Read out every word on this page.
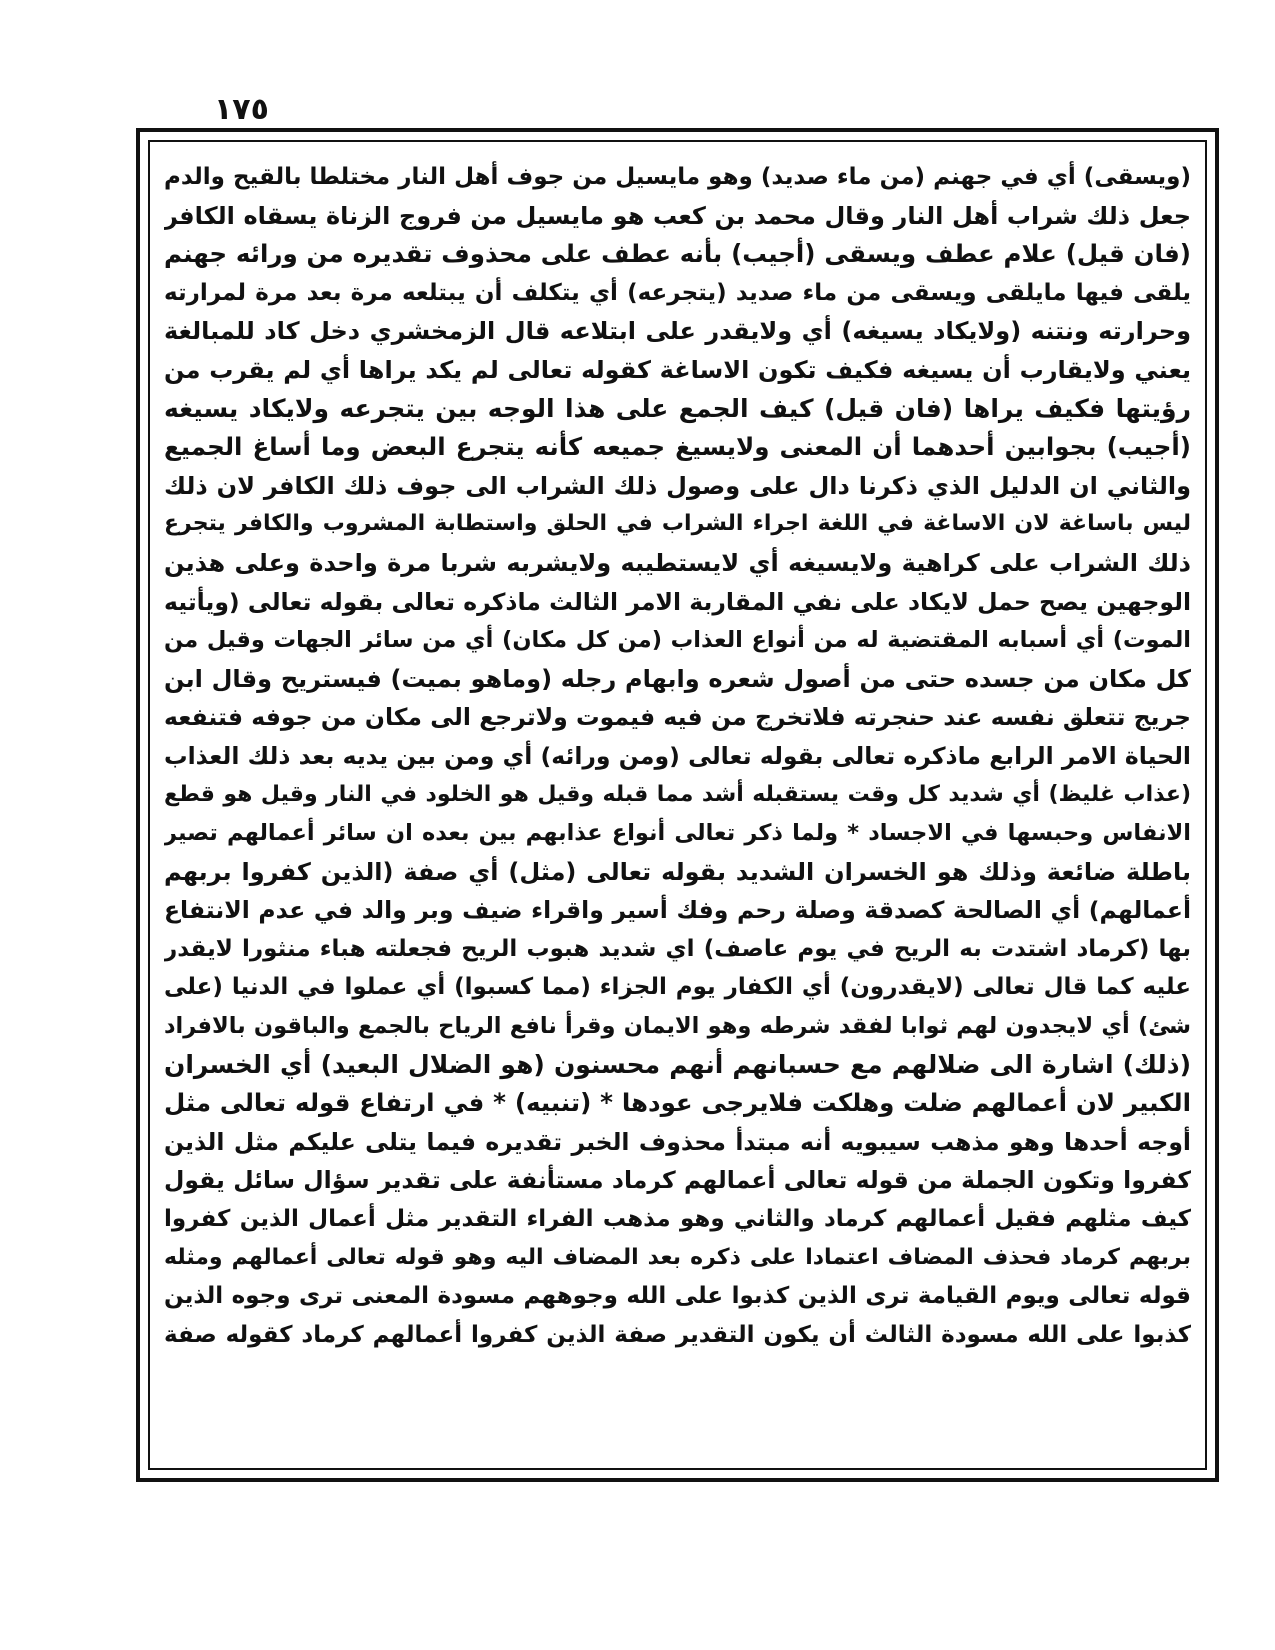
١٧٥
(ويسقى) أي في جهنم (من ماء صديد) وهو مايسيل من جوف أهل النار مختلطا بالقيح والدم
جعل ذلك شراب أهل النار وقال محمد بن كعب هو مايسيل من فروج الزناة يسقاه الكافر
(فان قيل) علام عطف ويسقى (أجيب) بأنه عطف على محذوف تقديره من ورائه جهنم
يلقى فيها مايلقى ويسقى من ماء صديد (يتجرعه) أي يتكلف أن يبتلعه مرة بعد مرة لمرارته
وحرارته ونتنه (ولايكاد يسيغه) أي ولايقدر على ابتلاعه قال الزمخشري دخل كاد للمبالغة
يعني ولايقارب أن يسيغه فكيف تكون الاساغة كقوله تعالى لم يكد يراها أي لم يقرب من
رؤيتها فكيف يراها (فان قيل) كيف الجمع على هذا الوجه بين يتجرعه ولايكاد يسيغه
(أجيب) بجوابين أحدهما أن المعنى ولايسيغ جميعه كأنه يتجرع البعض وما أساغ الجميع
والثاني ان الدليل الذي ذكرنا دال على وصول ذلك الشراب الى جوف ذلك الكافر لان ذلك
ليس باساغة لان الاساغة في اللغة اجراء الشراب في الحلق واستطابة المشروب والكافر يتجرع
ذلك الشراب على كراهية ولايسيغه أي لايستطيبه ولايشربه شربا مرة واحدة وعلى هذين
الوجهين يصح حمل لايكاد على نفي المقاربة الامر الثالث ماذكره تعالى بقوله تعالى (ويأتيه
الموت) أي أسبابه المقتضية له من أنواع العذاب (من كل مكان) أي من سائر الجهات وقيل من
كل مكان من جسده حتى من أصول شعره وابهام رجله (وماهو بميت) فيستريح وقال ابن
جريج تتعلق نفسه عند حنجرته فلاتخرج من فيه فيموت ولاترجع الى مكان من جوفه فتنفعه
الحياة الامر الرابع ماذكره تعالى بقوله تعالى (ومن ورائه) أي ومن بين يديه بعد ذلك العذاب
(عذاب غليظ) أي شديد كل وقت يستقبله أشد مما قبله وقيل هو الخلود في النار وقيل هو قطع
الانفاس وحبسها في الاجساد * ولما ذكر تعالى أنواع عذابهم بين بعده ان سائر أعمالهم تصير
باطلة ضائعة وذلك هو الخسران الشديد بقوله تعالى (مثل) أي صفة (الذين كفروا بربهم
أعمالهم) أي الصالحة كصدقة وصلة رحم وفك أسير واقراء ضيف وبر والد في عدم الانتفاع
بها (كرماد اشتدت به الريح في يوم عاصف) اي شديد هبوب الريح فجعلته هباء منثورا لايقدر
عليه كما قال تعالى (لايقدرون) أي الكفار يوم الجزاء (مما كسبوا) أي عملوا في الدنيا (على
شئ) أي لايجدون لهم ثوابا لفقد شرطه وهو الايمان وقرأ نافع الرياح بالجمع والباقون بالافراد
(ذلك) اشارة الى ضلالهم مع حسبانهم أنهم محسنون (هو الضلال البعيد) أي الخسران
الكبير لان أعمالهم ضلت وهلكت فلايرجى عودها * (تنبيه) * في ارتفاع قوله تعالى مثل
أوجه أحدها وهو مذهب سيبويه أنه مبتدأ محذوف الخبر تقديره فيما يتلى عليكم مثل الذين
كفروا وتكون الجملة من قوله تعالى أعمالهم كرماد مستأنفة على تقدير سؤال سائل يقول
كيف مثلهم فقيل أعمالهم كرماد والثاني وهو مذهب الفراء التقدير مثل أعمال الذين كفروا
بربهم كرماد فحذف المضاف اعتمادا على ذكره بعد المضاف اليه وهو قوله تعالى أعمالهم ومثله
قوله تعالى ويوم القيامة ترى الذين كذبوا على الله وجوههم مسودة المعنى ترى وجوه الذين
كذبوا على الله مسودة الثالث أن يكون التقدير صفة الذين كفروا أعمالهم كرماد كقوله صفة
